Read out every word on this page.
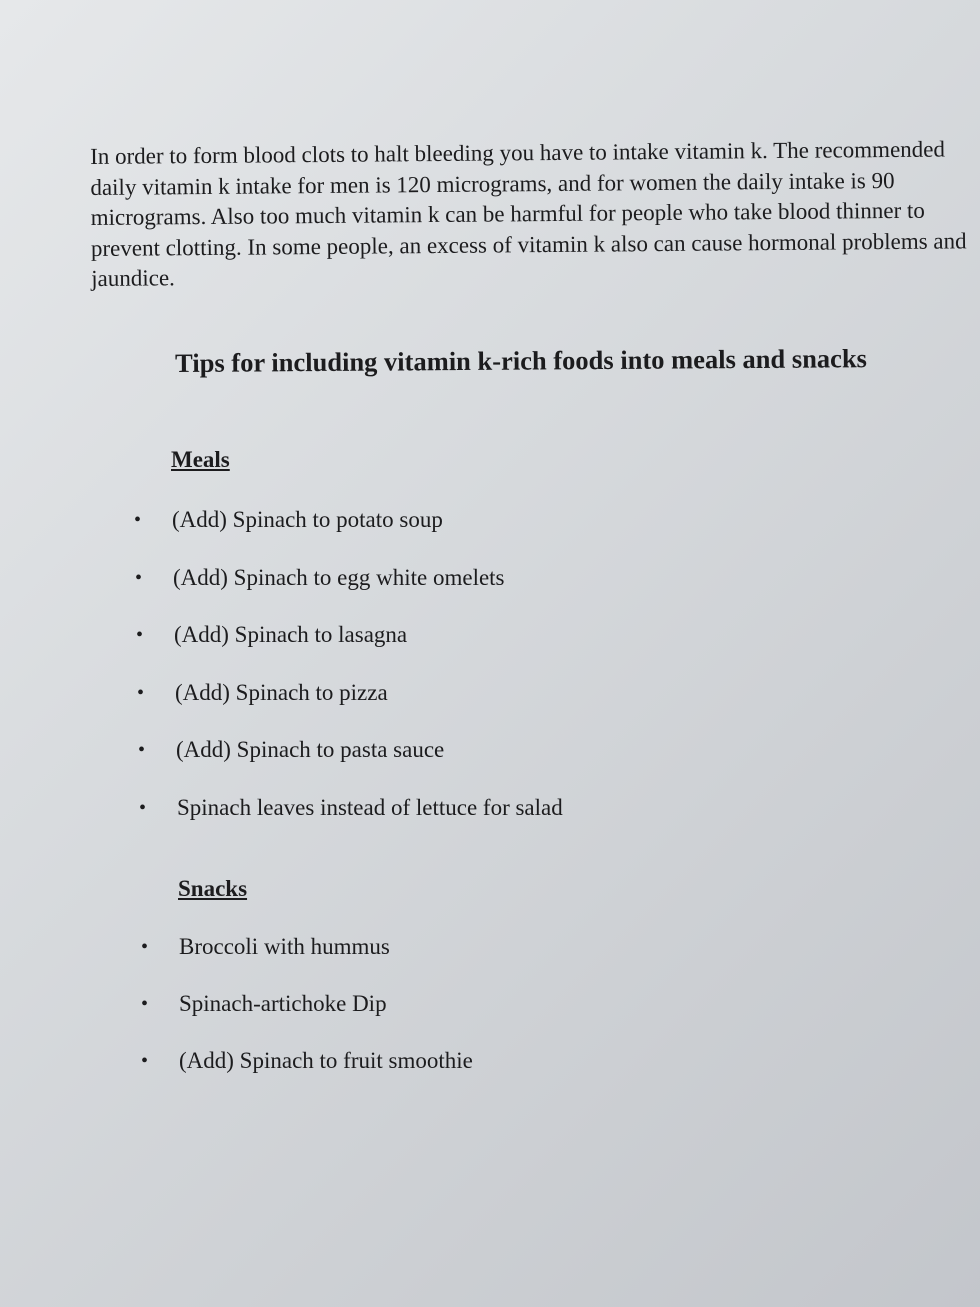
In order to form blood clots to halt bleeding you have to intake vitamin k. The recommended daily vitamin k intake for men is 120 micrograms, and for women the daily intake is 90 micrograms. Also too much vitamin k can be harmful for people who take blood thinner to prevent clotting. In some people, an excess of vitamin k also can cause hormonal problems and jaundice.

Tips for including vitamin k-rich foods into meals and snacks
Meals
• (Add) Spinach to potato soup
• (Add) Spinach to egg white omelets
• (Add) Spinach to lasagna
• (Add) Spinach to pizza
• (Add) Spinach to pasta sauce
• Spinach leaves instead of lettuce for salad
Snacks
• Broccoli with hummus
• Spinach-artichoke Dip
• (Add) Spinach to fruit smoothie
